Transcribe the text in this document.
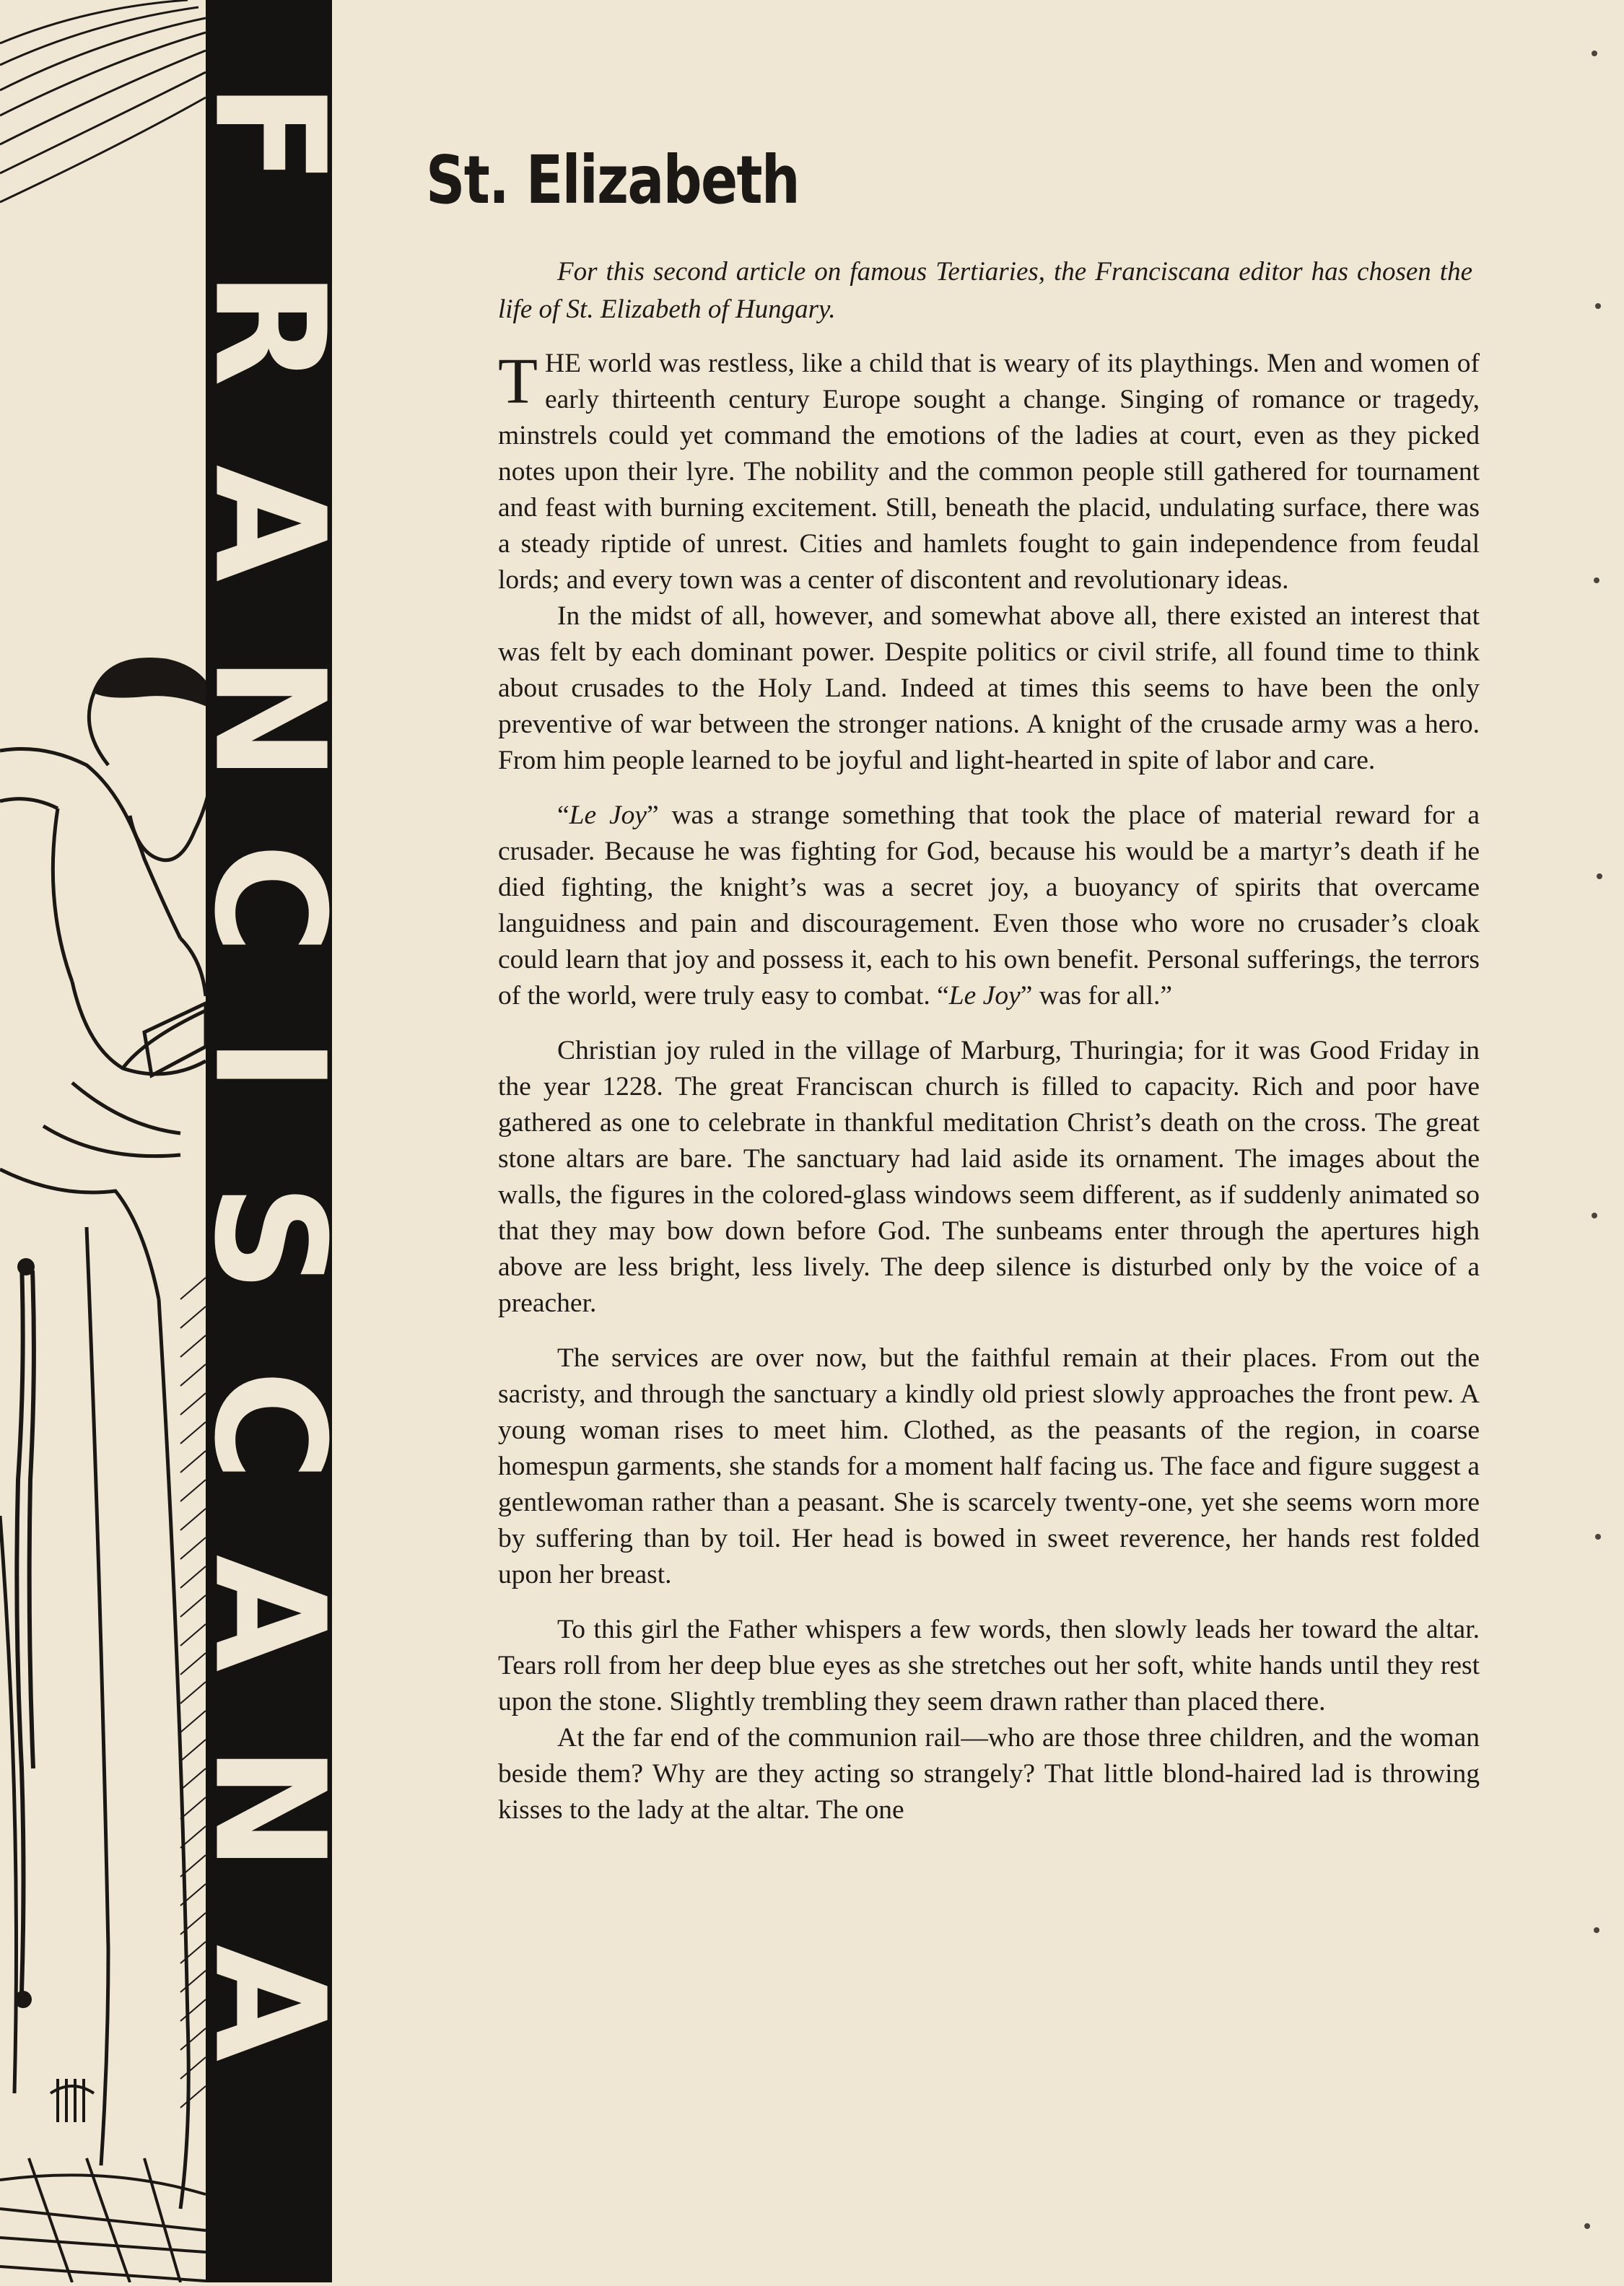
F
R
A
N
C
I
S
C
A
N
A
St. Elizabeth

For this second article on famous Tertiaries, the Franciscana editor has chosen the life of St. Elizabeth of Hungary.

THE world was restless, like a child that is weary of its playthings. Men and women of early thirteenth century Europe sought a change. Singing of romance or tragedy, minstrels could yet command the emotions of the ladies at court, even as they picked notes upon their lyre. The nobility and the common people still gathered for tournament and feast with burning excitement. Still, beneath the placid, undulating surface, there was a steady riptide of unrest. Cities and hamlets fought to gain independence from feudal lords; and every town was a center of discontent and revolutionary ideas.

In the midst of all, however, and somewhat above all, there existed an interest that was felt by each dominant power. Despite politics or civil strife, all found time to think about crusades to the Holy Land. Indeed at times this seems to have been the only preventive of war between the stronger nations. A knight of the crusade army was a hero. From him people learned to be joyful and light-hearted in spite of labor and care.

“Le Joy” was a strange something that took the place of material reward for a crusader. Because he was fighting for God, because his would be a martyr’s death if he died fighting, the knight’s was a secret joy, a buoyancy of spirits that overcame languidness and pain and discouragement. Even those who wore no crusader’s cloak could learn that joy and possess it, each to his own benefit. Personal sufferings, the terrors of the world, were truly easy to combat. “Le Joy” was for all.”

Christian joy ruled in the village of Marburg, Thuringia; for it was Good Friday in the year 1228. The great Franciscan church is filled to capacity. Rich and poor have gathered as one to celebrate in thankful meditation Christ’s death on the cross. The great stone altars are bare. The sanctuary had laid aside its ornament. The images about the walls, the figures in the colored-glass windows seem different, as if suddenly animated so that they may bow down before God. The sunbeams enter through the apertures high above are less bright, less lively. The deep silence is disturbed only by the voice of a preacher.

The services are over now, but the faithful remain at their places. From out the sacristy, and through the sanctuary a kindly old priest slowly approaches the front pew. A young woman rises to meet him. Clothed, as the peasants of the region, in coarse homespun garments, she stands for a moment half facing us. The face and figure suggest a gentlewoman rather than a peasant. She is scarcely twenty-one, yet she seems worn more by suffering than by toil. Her head is bowed in sweet reverence, her hands rest folded upon her breast.

To this girl the Father whispers a few words, then slowly leads her toward the altar. Tears roll from her deep blue eyes as she stretches out her soft, white hands until they rest upon the stone. Slightly trembling they seem drawn rather than placed there.

At the far end of the communion rail—who are those three children, and the woman beside them? Why are they acting so strangely? That little blond-haired lad is throwing kisses to the lady at the altar. The one
